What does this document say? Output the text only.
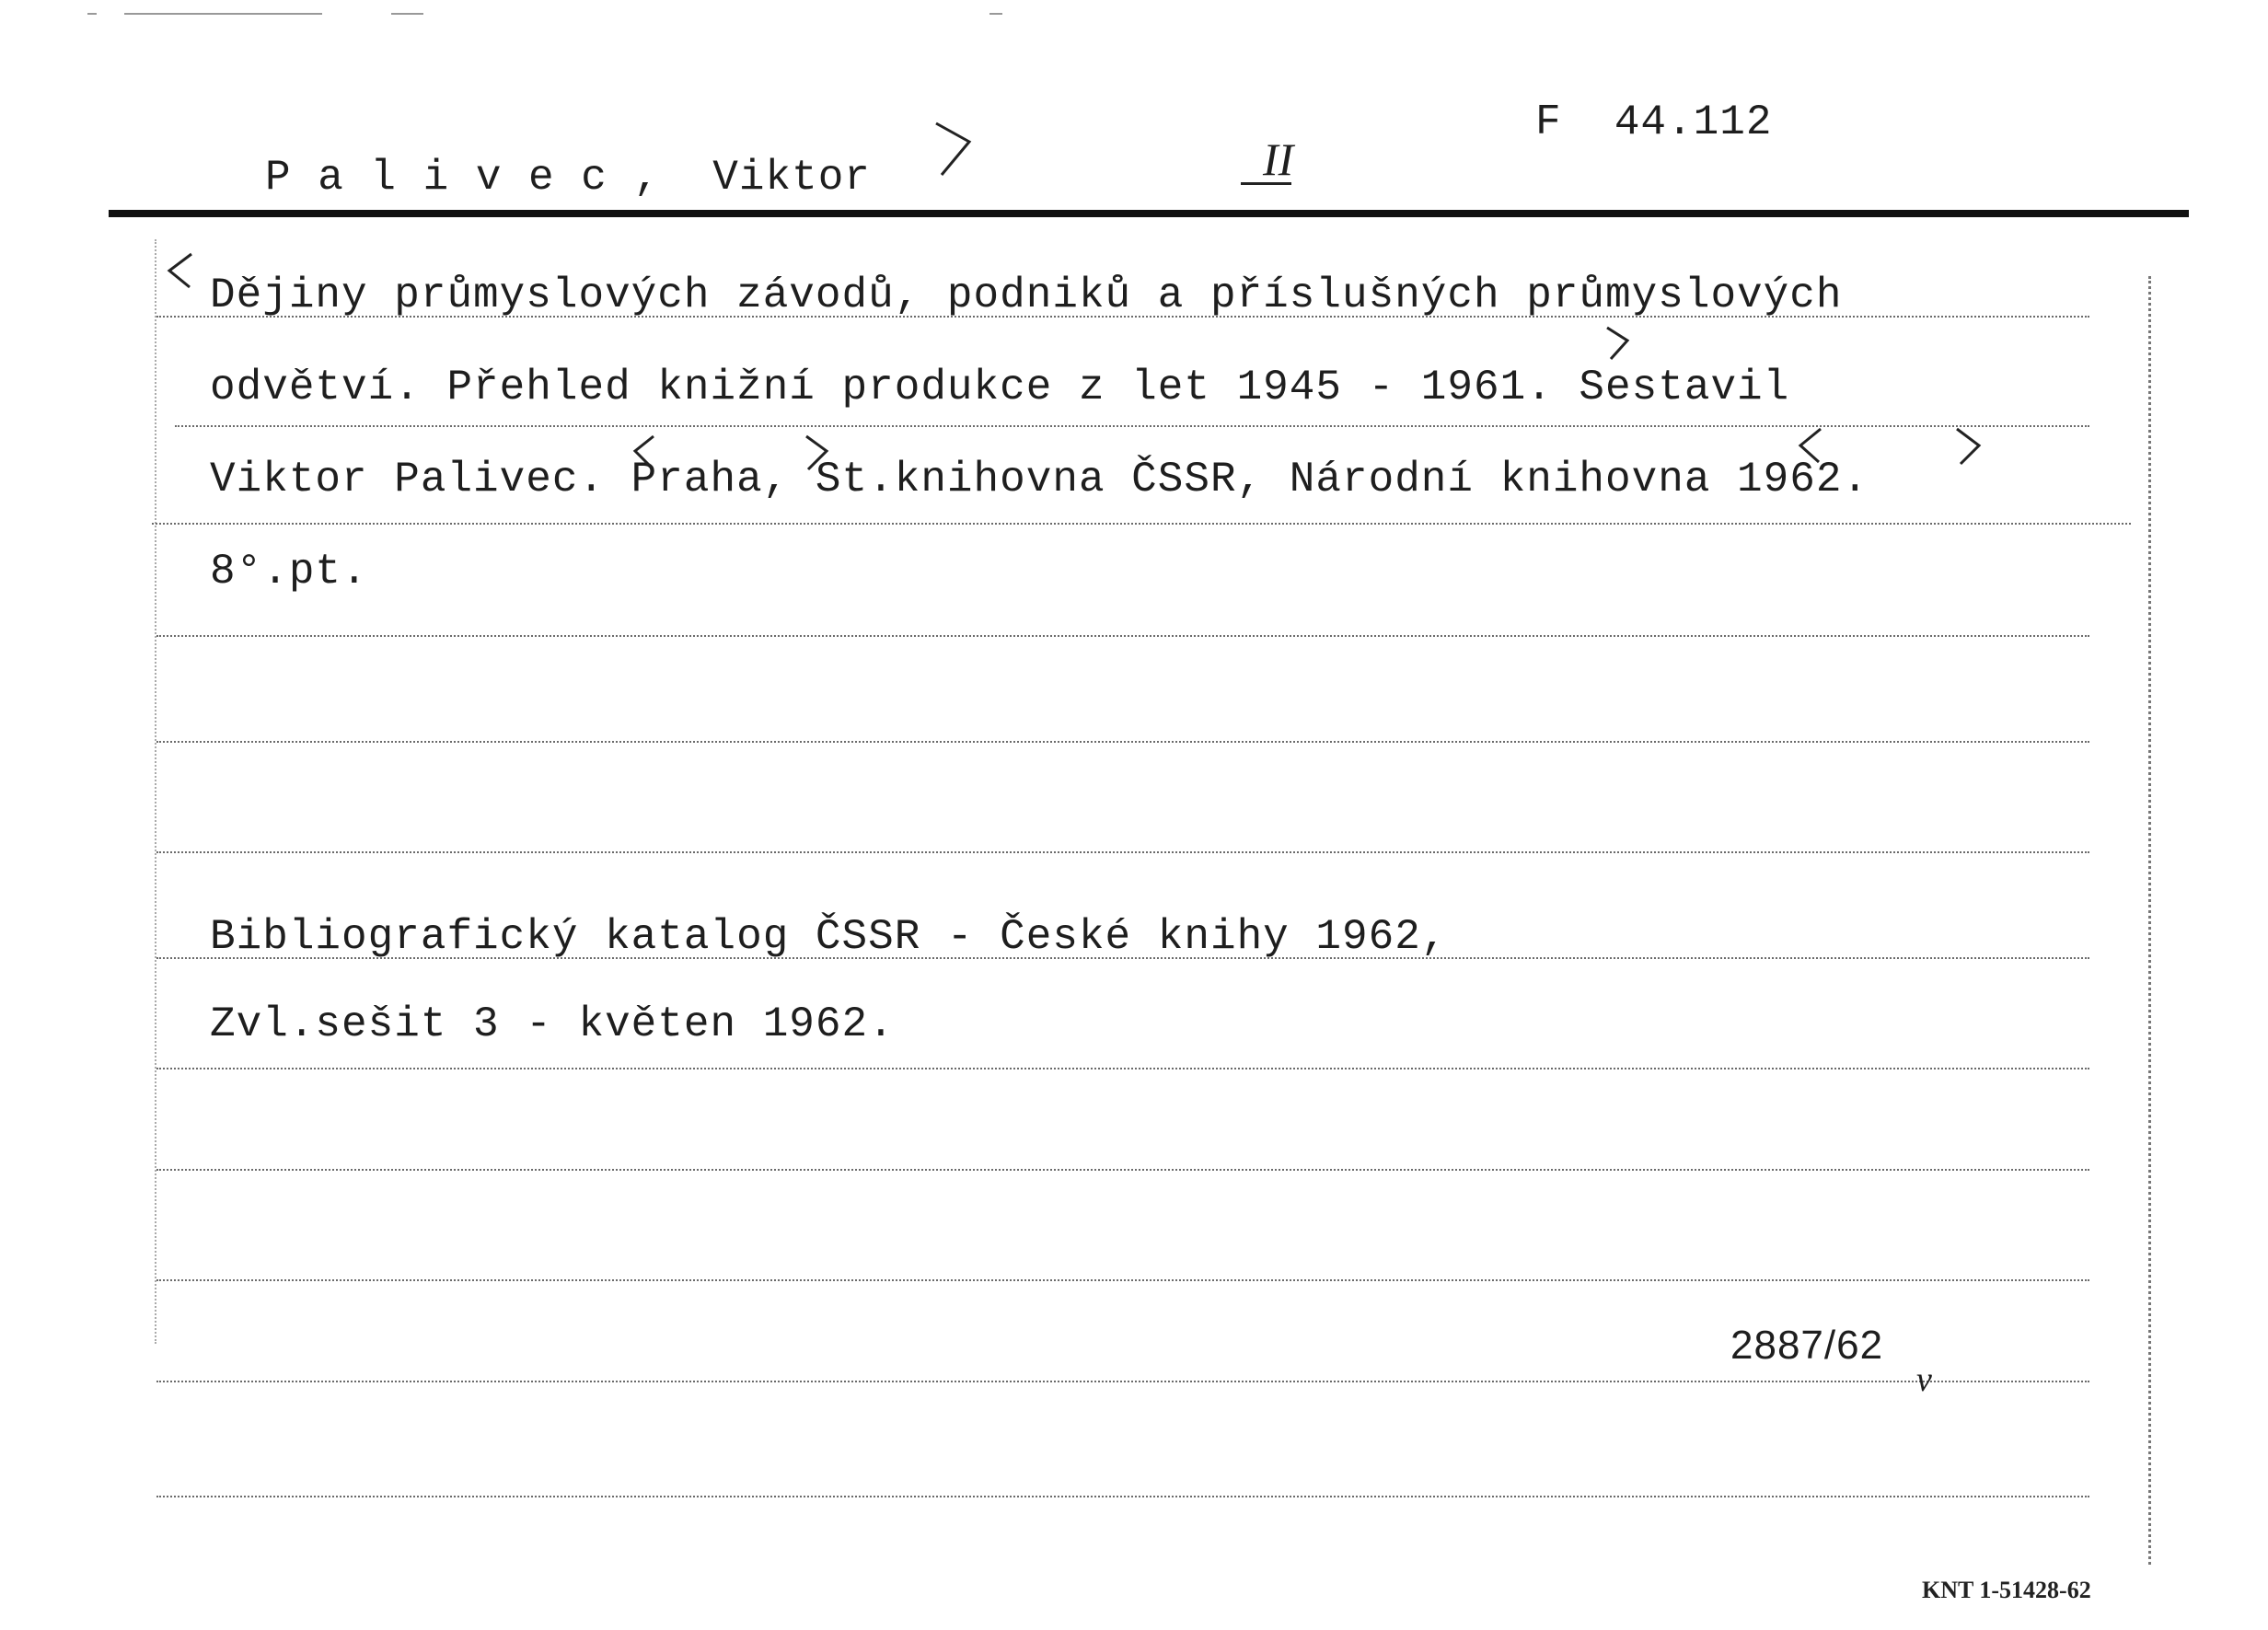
F  44.112
P a l i v e c ,  Viktor	II
Dějiny průmyslových závodů, podniků a příslušných průmyslových
odvětví. Přehled knižní produkce z let 1945 - 1961. Sestavil
Viktor Palivec. Praha, St.knihovna ČSSR, Národní knihovna 1962.
8°.pt.
Bibliografický katalog ČSSR - České knihy 1962,
Zvl.sešit 3 - květen 1962.
2887/62
v
KNT 1-51428-62
